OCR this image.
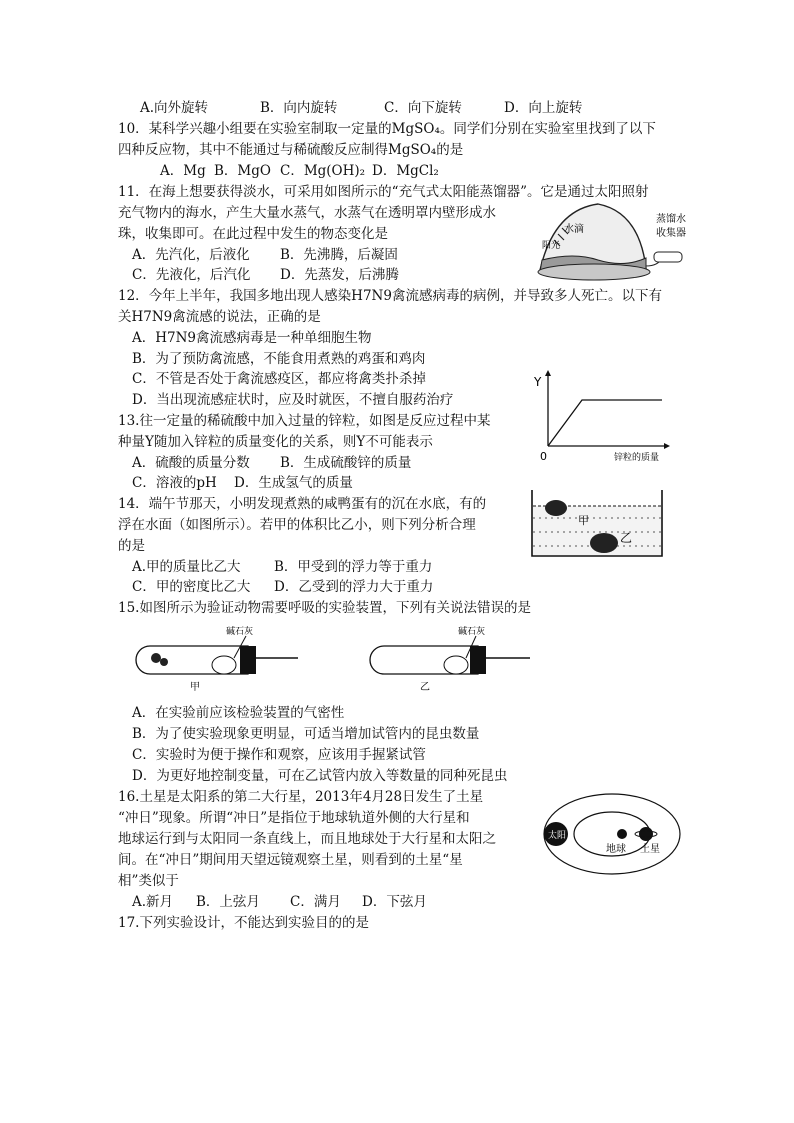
A.向外旋转	B．向内旋转	C．向下旋转	D．向上旋转
10．某科学兴趣小组要在实验室制取一定量的MgSO₄。同学们分别在实验室里找到了以下
四种反应物，其中不能通过与稀硫酸反应制得MgSO₄的是
A．Mg B．MgO C．Mg(OH)₂ D．MgCl₂
11．在海上想要获得淡水，可采用如图所示的“充气式太阳能蒸馏器”。它是通过太阳照射
充气物内的海水，产生大量水蒸气，水蒸气在透明罩内壁形成水
珠，收集即可。在此过程中发生的物态变化是
A．先汽化，后液化 B．先沸腾，后凝固
C．先液化，后汽化 D．先蒸发，后沸腾
水滴
阳光
蒸馏水
收集器
12．今年上半年，我国多地出现人感染H7N9禽流感病毒的病例，并导致多人死亡。以下有
关H7N9禽流感的说法，正确的是
A．H7N9禽流感病毒是一种单细胞生物
B．为了预防禽流感，不能食用煮熟的鸡蛋和鸡肉
C．不管是否处于禽流感疫区，都应将禽类扑杀掉
D．当出现流感症状时，应及时就医，不擅自服药治疗
13.往一定量的稀硫酸中加入过量的锌粒，如图是反应过程中某
种量Y随加入锌粒的质量变化的关系，则Y不可能表示
A．硫酸的质量分数 B．生成硫酸锌的质量
C．溶液的pH D．生成氢气的质量
Y
0	锌粒的质量
14．端午节那天，小明发现煮熟的咸鸭蛋有的沉在水底，有的
浮在水面（如图所示）。若甲的体积比乙小，则下列分析合理
的是
A.甲的质量比乙大 B．甲受到的浮力等于重力
C．甲的密度比乙大 D．乙受到的浮力大于重力
甲
乙
15.如图所示为验证动物需要呼吸的实验装置，下列有关说法错误的是
碱石灰
甲
碱石灰
乙
A．在实验前应该检验装置的气密性
B．为了使实验现象更明显，可适当增加试管内的昆虫数量
C．实验时为便于操作和观察，应该用手握紧试管
D．为更好地控制变量，可在乙试管内放入等数量的同种死昆虫
16.土星是太阳系的第二大行星，2013年4月28日发生了土星
“冲日”现象。所谓“冲日”是指位于地球轨道外侧的大行星和
地球运行到与太阳同一条直线上，而且地球处于大行星和太阳之
间。在“冲日”期间用天望远镜观察土星，则看到的土星“星
相”类似于
A.新月 B．上弦月 C．满月 D．下弦月
太阳
地球 土星
17.下列实验设计，不能达到实验目的的是
